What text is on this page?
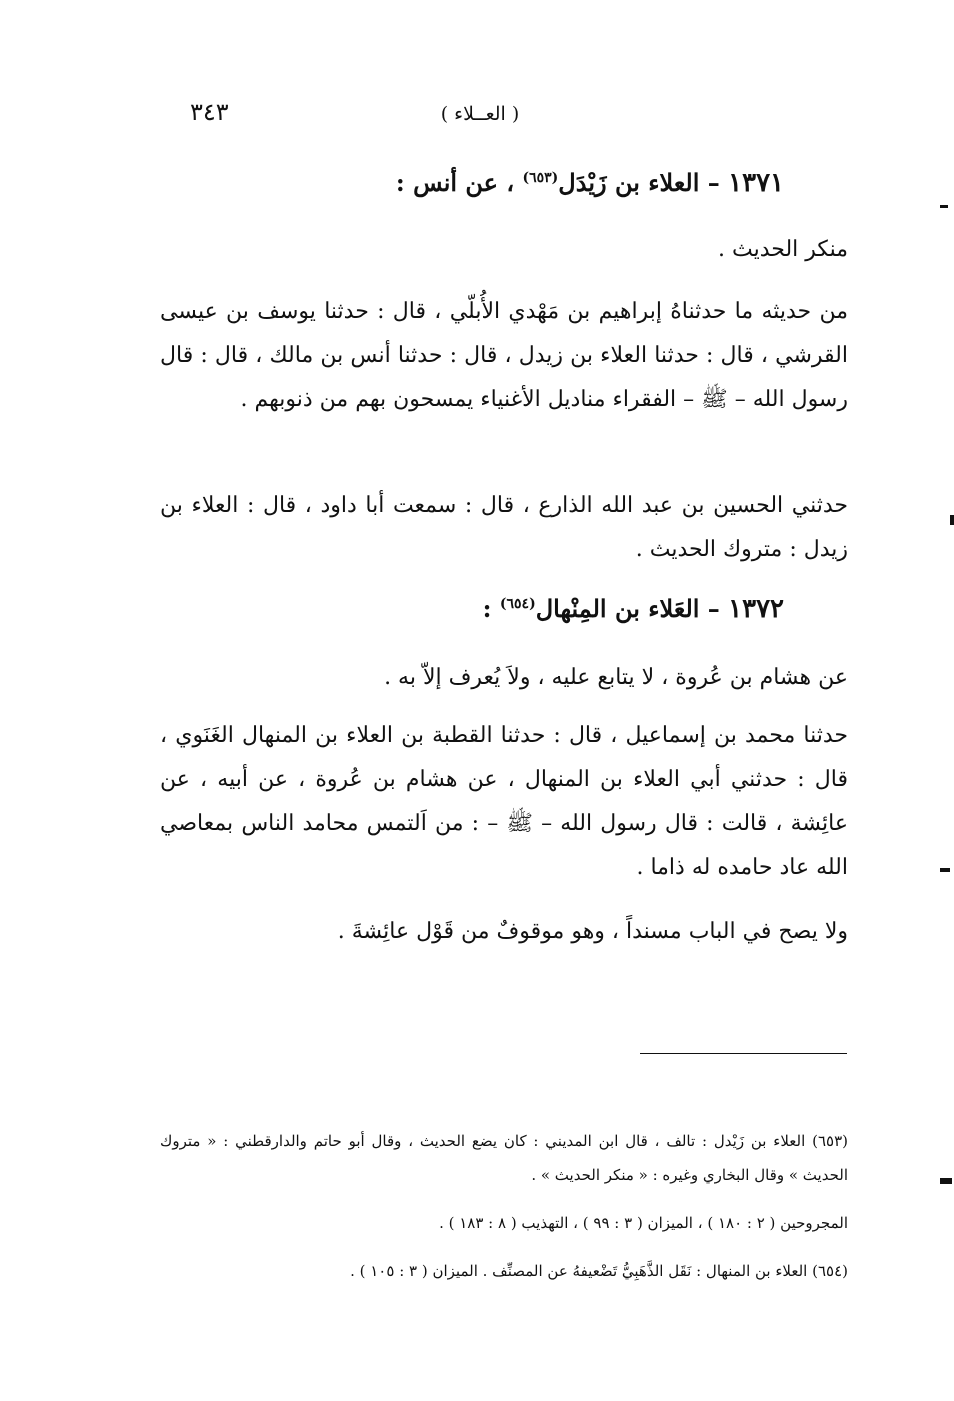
( العــلاء )
٣٤٣
١٣٧١ – العلاء بن زَيْدَل$^{(٦٥٣)}$ ، عن أنس :
منكر الحديث .
من حديثه ما حدثناهُ إبراهيم بن مَهْدي الأُبلّي ، قال : حدثنا يوسف بن عيسى القرشي ، قال : حدثنا العلاء بن زيدل ، قال : حدثنا أنس بن مالك ، قال : قال رسول الله – ﷺ – الفقراء مناديل الأغنياء يمسحون بهم من ذنوبهم .
حدثني الحسين بن عبد الله الذارع ، قال : سمعت أبا داود ، قال : العلاء بن زيدل : متروك الحديث .
١٣٧٢ – العَلاء بن المِنْهال$^{(٦٥٤)}$ :
عن هشام بن عُروة ، لا يتابع عليه ، ولاَ يُعرف إلاّ به .
حدثنا محمد بن إسماعيل ، قال : حدثنا القطبة بن العلاء بن المنهال الغَنَوي ، قال : حدثني أبي العلاء بن المنهال ، عن هشام بن عُروة ، عن أبيه ، عن عائِشة ، قالت : قال رسول الله – ﷺ – : من اَلتمس محامد الناس بمعاصي الله عاد حامده له ذاما .
ولا يصح في الباب مسنداً ، وهو موقوفٌ من قَوْل عائِشةَ .
(٦٥٣) العلاء بن زَيْدل : تالف ، قال ابن المديني : كان يضع الحديث ، وقال أبو حاتم والدارقطني : « متروك الحديث » وقال البخاري وغيره : « منكر الحديث » .
المجروحين ( ٢ : ١٨٠ ) ، الميزان ( ٣ : ٩٩ ) ، التهذيب ( ٨ : ١٨٣ ) .
(٦٥٤) العلاء بن المنهال : نَقَل الذَّهَبِيُّ تَضْعيفهُ عن المصنِّف . الميزان ( ٣ : ١٠٥ ) .
